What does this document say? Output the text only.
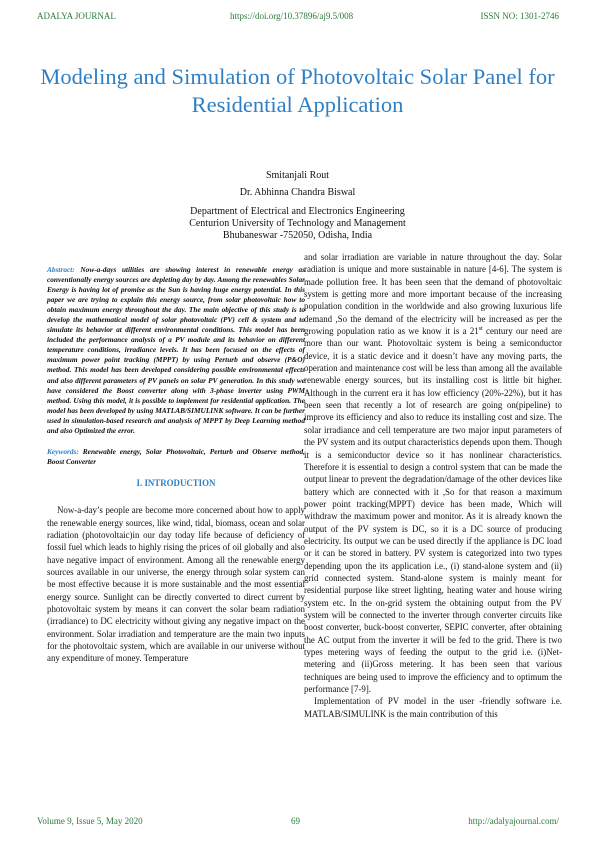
ADALYA JOURNAL	https://doi.org/10.37896/aj9.5/008	ISSN NO: 1301-2746
Modeling and Simulation of Photovoltaic Solar Panel for Residential Application
Smitanjali Rout
Dr. Abhinna Chandra Biswal
Department of Electrical and Electronics Engineering
Centurion University of Technology and Management
Bhubaneswar -752050, Odisha, India

Abstract: Now-a-days utilities are showing interest in renewable energy as conventionally energy sources are depleting day by day. Among the renewables Solar Energy is having lot of promise as the Sun is having huge energy potential. In this paper we are trying to explain this energy source, from solar photovoltaic how to obtain maximum energy throughout the day. The main objective of this study is to develop the mathematical model of solar photovoltaic (PV) cell & system and to simulate its behavior at different environmental conditions. This model has been included the performance analysis of a PV module and its behavior on different temperature conditions, irradiance levels. It has been focused on the effects of maximum power point tracking (MPPT) by using Perturb and observe (P&O) method. This model has been developed considering possible environmental effects and also different parameters of PV panels on solar PV generation. In this study we have considered the Boost converter along with 3-phase inverter using PWM method. Using this model, it is possible to implement for residential application. The model has been developed by using MATLAB/SIMULINK software. It can be further used in simulation-based research and analysis of MPPT by Deep Learning method and also Optimized the error.

Keywords: Renewable energy, Solar Photovoltaic, Perturb and Observe method, Boost Converter

I. INTRODUCTION

Now-a-day’s people are become more concerned about how to apply the renewable energy sources, like wind, tidal, biomass, ocean and solar radiation (photovoltaic)in our day today life because of deficiency of fossil fuel which leads to highly rising the prices of oil globally and also have negative impact of environment. Among all the renewable energy sources available in our universe, the energy through solar system can be most effective because it is more sustainable and the most essential energy source. Sunlight can be directly converted to direct current by photovoltaic system by means it can convert the solar beam radiation (irradiance) to DC electricity without giving any negative impact on the environment. Solar irradiation and temperature are the main two inputs for the photovoltaic system, which are available in our universe without any expenditure of money. Temperature

and solar irradiation are variable in nature throughout the day. Solar radiation is unique and more sustainable in nature [4-6]. The system is made pollution free. It has been seen that the demand of photovoltaic system is getting more and more important because of the increasing population condition in the worldwide and also growing luxurious life demand ,So the demand of the electricity will be increased as per the growing population ratio as we know it is a 21st century our need are more than our want. Photovoltaic system is being a semiconductor device, it is a static device and it doesn’t have any moving parts, the operation and maintenance cost will be less than among all the available renewable energy sources, but its installing cost is little bit higher. Although in the current era it has low efficiency (20%-22%), but it has been seen that recently a lot of research are going on(pipeline) to improve its efficiency and also to reduce its installing cost and size. The solar irradiance and cell temperature are two major input parameters of the PV system and its output characteristics depends upon them. Though it is a semiconductor device so it has nonlinear characteristics. Therefore it is essential to design a control system that can be made the output linear to prevent the degradation/damage of the other devices like battery which are connected with it ,So for that reason a maximum power point tracking(MPPT) device has been made, Which will withdraw the maximum power and monitor. As it is already known the output of the PV system is DC, so it is a DC source of producing electricity. Its output we can be used directly if the appliance is DC load or it can be stored in battery. PV system is categorized into two types depending upon the its application i.e., (i) stand-alone system and (ii) grid connected system. Stand-alone system is mainly meant for residential purpose like street lighting, heating water and house wiring system etc. In the on-grid system the obtaining output from the PV system will be connected to the inverter through converter circuits like boost converter, buck-boost converter, SEPIC converter, after obtaining the AC output from the inverter it will be fed to the grid. There is two types metering ways of feeding the output to the grid i.e. (i)Net-metering and (ii)Gross metering. It has been seen that various techniques are being used to improve the efficiency and to optimum the performance [7-9].

Implementation of PV model in the user -friendly software i.e. MATLAB/SIMULINK is the main contribution of this

Volume 9, Issue 5, May 2020	69	http://adalyajournal.com/
